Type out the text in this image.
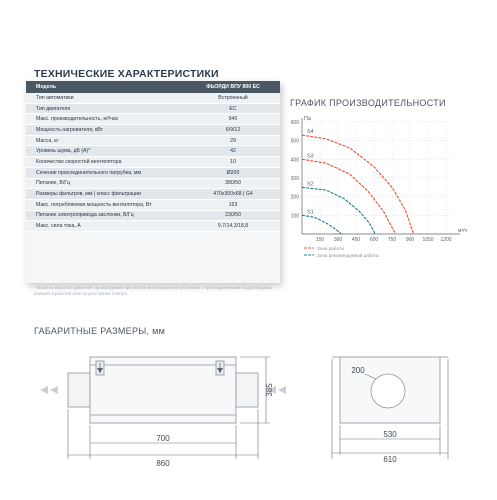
ТЕХНИЧЕСКИЕ ХАРАКТЕРИСТИКИ
Модель	ФЬОРДИ ВПУ 800 ЕС
Тип автоматики	Встроенный
Тип двигателя	EC
Макс. производительность, м³/час	940
Мощность нагревателя, кВт	6/9/12
Масса, кг	29
Уровень шума, дБ (А)*	42
Количество скоростей вентилятора	10
Сечение присоединительного патрубка, мм	Ø200
Питание, В/Гц	380/50
Размеры фильтров, мм | класс фильтрации	470x300x68 | G4
Макс. потребляемая мощность вентилятора, Вт	163
Питание электропривода заслонки, В/Гц	230/50
Макс. сила тока, А	9,7/14,3/18,8
* Уровень звукового давления, производимый при работе вентиляционной установки с присоединенными воздуховодами, измерен в рабочей зоне на расстоянии 3 метра.
ГРАФИК ПРОИЗВОДИТЕЛЬНОСТИ
S4
S3
S2
S1
100
200
300
400
500
600
150 300 450 600 750 900 1050 1200
Па
м³/ч
Зона работы
Зона рекомендуемой работы
ГАБАРИТНЫЕ РАЗМЕРЫ, мм
700
860
385
200
530
610
